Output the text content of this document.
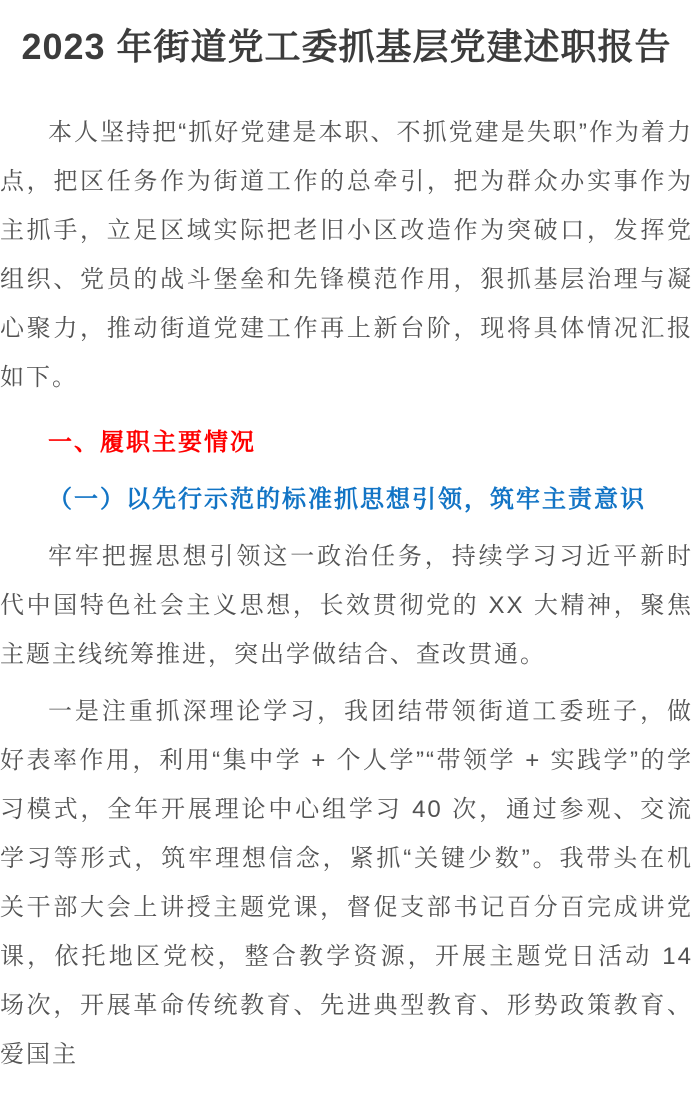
2023 年街道党工委抓基层党建述职报告

本人坚持把“抓好党建是本职、不抓党建是失职”作为着力点，把区任务作为街道工作的总牵引，把为群众办实事作为主抓手，立足区域实际把老旧小区改造作为突破口，发挥党组织、党员的战斗堡垒和先锋模范作用，狠抓基层治理与凝心聚力，推动街道党建工作再上新台阶，现将具体情况汇报如下。

一、履职主要情况

（一）以先行示范的标准抓思想引领，筑牢主责意识

牢牢把握思想引领这一政治任务，持续学习习近平新时代中国特色社会主义思想，长效贯彻党的 XX 大精神，聚焦主题主线统筹推进，突出学做结合、查改贯通。

一是注重抓深理论学习，我团结带领街道工委班子，做好表率作用，利用“集中学 + 个人学”“带领学 + 实践学”的学习模式，全年开展理论中心组学习 40 次，通过参观、交流学习等形式，筑牢理想信念，紧抓“关键少数”。我带头在机关干部大会上讲授主题党课，督促支部书记百分百完成讲党课，依托地区党校，整合教学资源，开展主题党日活动 14 场次，开展革命传统教育、先进典型教育、形势政策教育、爱国主
